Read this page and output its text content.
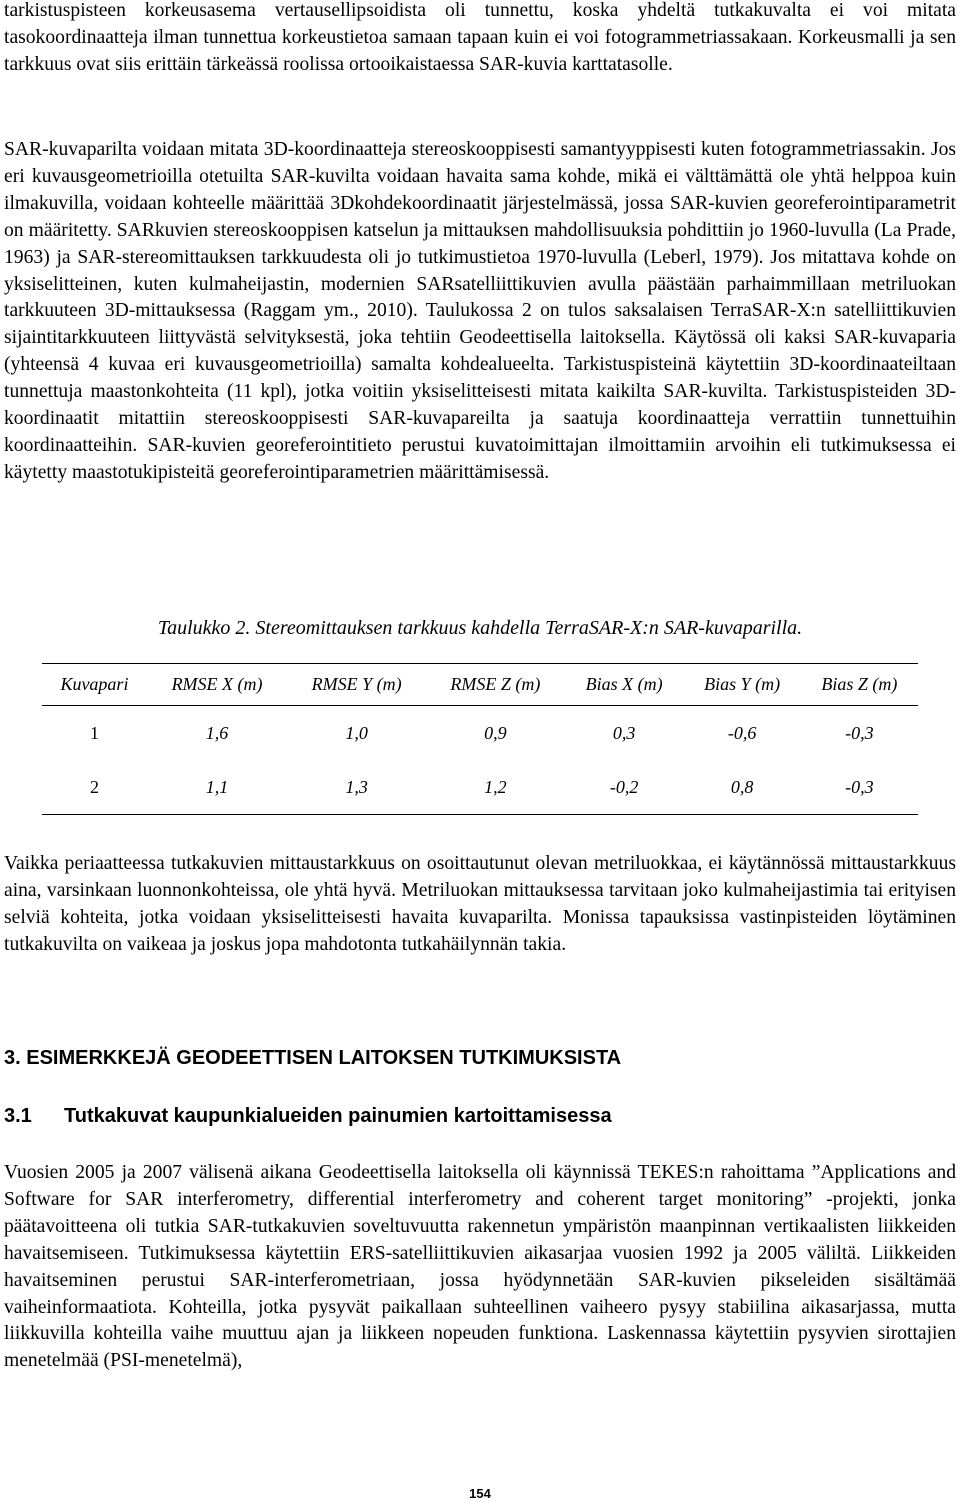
tarkistuspisteen korkeusasema vertausellipsoidista oli tunnettu, koska yhdeltä tutkakuvalta ei voi mitata tasokoordinaatteja ilman tunnettua korkeustietoa samaan tapaan kuin ei voi fotogrammetriassakaan. Korkeusmalli ja sen tarkkuus ovat siis erittäin tärkeässä roolissa ortooikaistaessa SAR-kuvia karttatasolle.

SAR-kuvaparilta voidaan mitata 3D-koordinaatteja stereoskooppisesti samantyyppisesti kuten fotogrammetriassakin. Jos eri kuvausgeometrioilla otetuilta SAR-kuvilta voidaan havaita sama kohde, mikä ei välttämättä ole yhtä helppoa kuin ilmakuvilla, voidaan kohteelle määrittää 3Dkohdekoordinaatit järjestelmässä, jossa SAR-kuvien georeferointiparametrit on määritetty. SARkuvien stereoskooppisen katselun ja mittauksen mahdollisuuksia pohdittiin jo 1960-luvulla (La Prade, 1963) ja SAR-stereomittauksen tarkkuudesta oli jo tutkimustietoa 1970-luvulla (Leberl, 1979). Jos mitattava kohde on yksiselitteinen, kuten kulmaheijastin, modernien SARsatelliittikuvien avulla päästään parhaimmillaan metriluokan tarkkuuteen 3D-mittauksessa (Raggam ym., 2010). Taulukossa 2 on tulos saksalaisen TerraSAR-X:n satelliittikuvien sijaintitarkkuuteen liittyvästä selvityksestä, joka tehtiin Geodeettisella laitoksella. Käytössä oli kaksi SAR-kuvaparia (yhteensä 4 kuvaa eri kuvausgeometrioilla) samalta kohdealueelta. Tarkistuspisteinä käytettiin 3D-koordinaateiltaan tunnettuja maastonkohteita (11 kpl), jotka voitiin yksiselitteisesti mitata kaikilta SAR-kuvilta. Tarkistuspisteiden 3D-koordinaatit mitattiin stereoskooppisesti SAR-kuvapareilta ja saatuja koordinaatteja verrattiin tunnettuihin koordinaatteihin. SAR-kuvien georeferointitieto perustui kuvatoimittajan ilmoittamiin arvoihin eli tutkimuksessa ei käytetty maastotukipisteitä georeferointiparametrien määrittämisessä.

Taulukko 2. Stereomittauksen tarkkuus kahdella TerraSAR-X:n SAR-kuvaparilla.

Kuvapari	RMSE X (m)	RMSE Y (m)	RMSE Z (m)	Bias X (m)	Bias Y (m)	Bias Z (m)
1	1,6	1,0	0,9	0,3	-0,6	-0,3
2	1,1	1,3	1,2	-0,2	0,8	-0,3

Vaikka periaatteessa tutkakuvien mittaustarkkuus on osoittautunut olevan metriluokkaa, ei käytännössä mittaustarkkuus aina, varsinkaan luonnonkohteissa, ole yhtä hyvä. Metriluokan mittauksessa tarvitaan joko kulmaheijastimia tai erityisen selviä kohteita, jotka voidaan yksiselitteisesti havaita kuvaparilta. Monissa tapauksissa vastinpisteiden löytäminen tutkakuvilta on vaikeaa ja joskus jopa mahdotonta tutkahäilynnän takia.

3. ESIMERKKEJÄ GEODEETTISEN LAITOKSEN TUTKIMUKSISTA
3.1 Tutkakuvat kaupunkialueiden painumien kartoittamisessa

Vuosien 2005 ja 2007 välisenä aikana Geodeettisella laitoksella oli käynnissä TEKES:n rahoittama ”Applications and Software for SAR interferometry, differential interferometry and coherent target monitoring” -projekti, jonka päätavoitteena oli tutkia SAR-tutkakuvien soveltuvuutta rakennetun ympäristön maanpinnan vertikaalisten liikkeiden havaitsemiseen. Tutkimuksessa käytettiin ERS-satelliittikuvien aikasarjaa vuosien 1992 ja 2005 väliltä. Liikkeiden havaitseminen perustui SAR-interferometriaan, jossa hyödynnetään SAR-kuvien pikseleiden sisältämää vaiheinformaatiota. Kohteilla, jotka pysyvät paikallaan suhteellinen vaiheero pysyy stabiilina aikasarjassa, mutta liikkuvilla kohteilla vaihe muuttuu ajan ja liikkeen nopeuden funktiona. Laskennassa käytettiin pysyvien sirottajien menetelmää (PSI-menetelmä),

154
